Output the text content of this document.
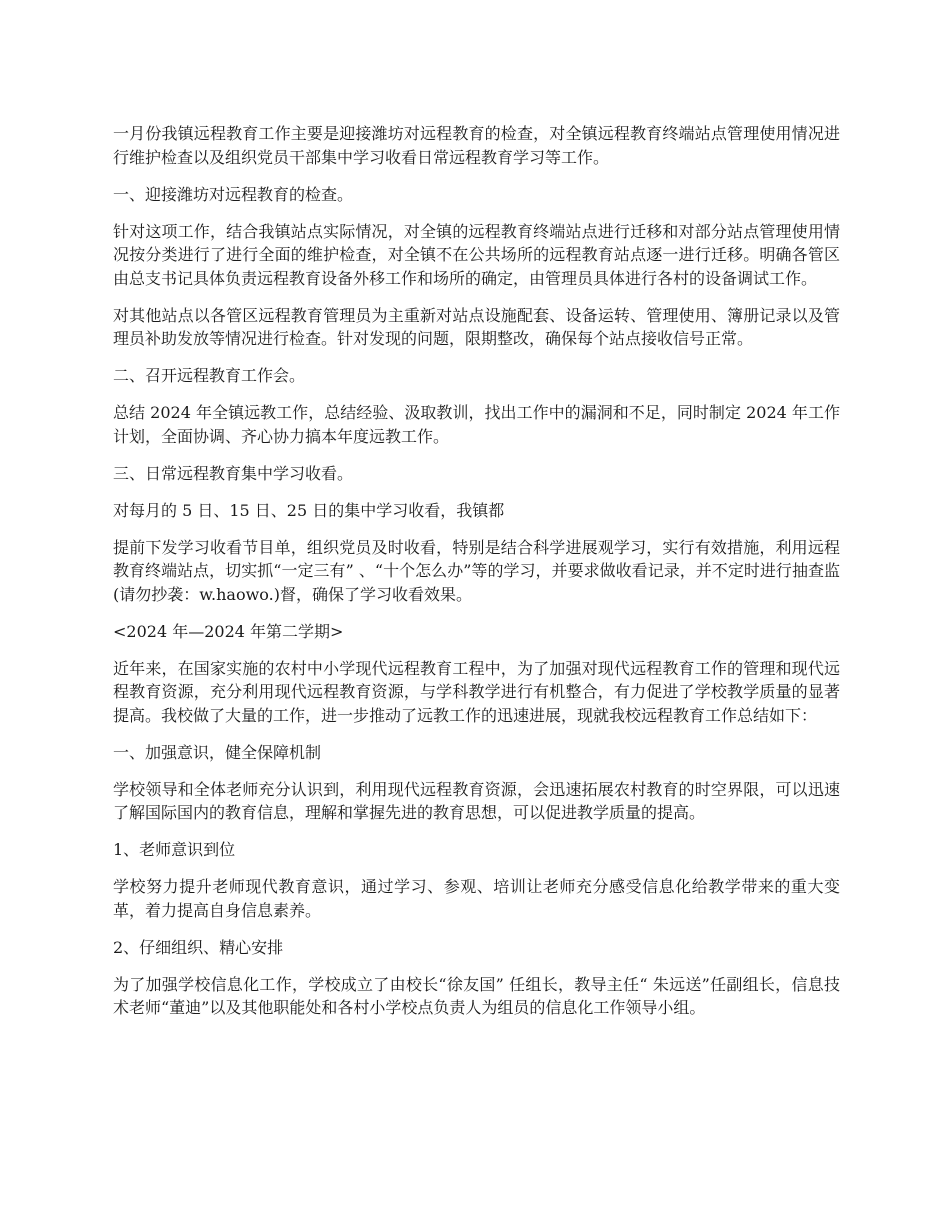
一月份我镇远程教育工作主要是迎接潍坊对远程教育的检查，对全镇远程教育终端站点管理使用情况进行维护检查以及组织党员干部集中学习收看日常远程教育学习等工作。

一、迎接潍坊对远程教育的检查。

针对这项工作，结合我镇站点实际情况，对全镇的远程教育终端站点进行迁移和对部分站点管理使用情况按分类进行了进行全面的维护检查，对全镇不在公共场所的远程教育站点逐一进行迁移。明确各管区由总支书记具体负责远程教育设备外移工作和场所的确定，由管理员具体进行各村的设备调试工作。

对其他站点以各管区远程教育管理员为主重新对站点设施配套、设备运转、管理使用、簿册记录以及管理员补助发放等情况进行检查。针对发现的问题，限期整改，确保每个站点接收信号正常。

二、召开远程教育工作会。

总结 2024 年全镇远教工作，总结经验、汲取教训，找出工作中的漏洞和不足，同时制定 2024 年工作计划，全面协调、齐心协力搞本年度远教工作。

三、日常远程教育集中学习收看。

对每月的 5 日、15 日、25 日的集中学习收看，我镇都

提前下发学习收看节目单，组织党员及时收看，特别是结合科学进展观学习，实行有效措施，利用远程教育终端站点，切实抓“一定三有” 、“十个怎么办”等的学习，并要求做收看记录，并不定时进行抽查监(请勿抄袭：w.haowo.)督，确保了学习收看效果。

<2024 年—2024 年第二学期>

近年来，在国家实施的农村中小学现代远程教育工程中，为了加强对现代远程教育工作的管理和现代远程教育资源，充分利用现代远程教育资源，与学科教学进行有机整合，有力促进了学校教学质量的显著提高。我校做了大量的工作，进一步推动了远教工作的迅速进展，现就我校远程教育工作总结如下：

一、加强意识，健全保障机制

学校领导和全体老师充分认识到，利用现代远程教育资源，会迅速拓展农村教育的时空界限，可以迅速了解国际国内的教育信息，理解和掌握先进的教育思想，可以促进教学质量的提高。

1、老师意识到位

学校努力提升老师现代教育意识，通过学习、参观、培训让老师充分感受信息化给教学带来的重大变革，着力提高自身信息素养。

2、仔细组织、精心安排

为了加强学校信息化工作，学校成立了由校长“徐友国” 任组长，教导主任“ 朱远送”任副组长，信息技术老师“董迪”以及其他职能处和各村小学校点负责人为组员的信息化工作领导小组。
